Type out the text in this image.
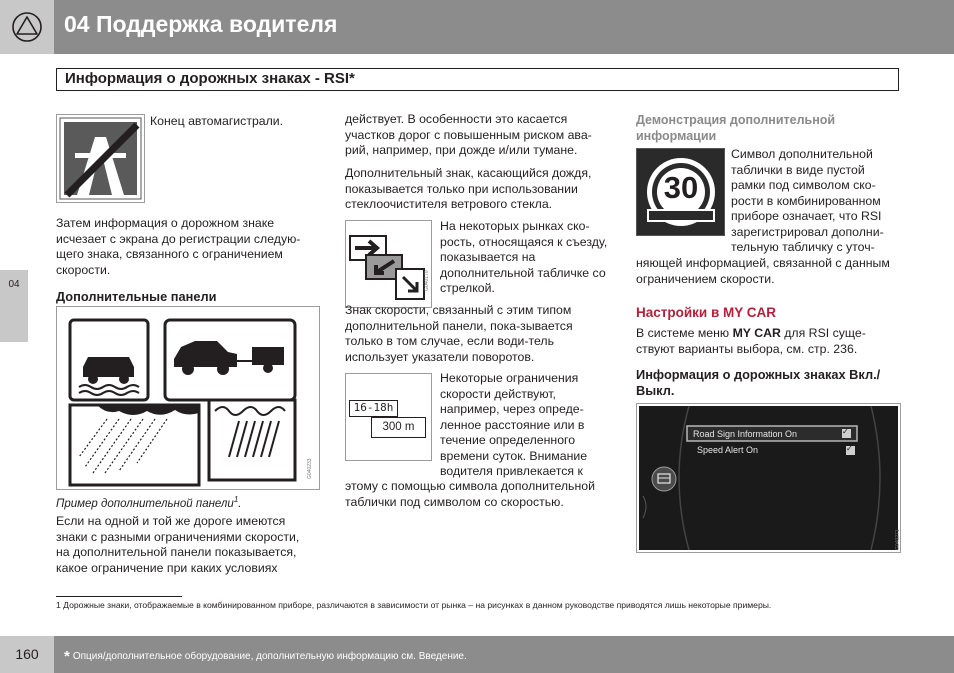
04 Поддержка водителя
Информация о дорожных знаках - RSI*
04
Конец автомагистрали.
Затем информация о дорожном знаке исчезает с экрана до регистрации следую-щего знака, связанного с ограничением скорости.
Дополнительные панели
G040233
Пример дополнительной панели$^1$.
Если на одной и той же дороге имеются знаки с разными ограничениями скорости, на дополнительной панели показывается, какое ограничение при каких условиях
действует. В особенности это касается участков дорог с повышенным риском ава-рий, например, при дожде и/или тумане.
Дополнительный знак, касающийся дождя, показывается только при использовании стеклоочистителя ветрового стекла.
G040170
На некоторых рынках ско-рость, относящаяся к съезду, показывается на дополнительной табличке со стрелкой.
Знак скорости, связанный с этим типом дополнительной панели, пока-зывается только в том случае, если води-тель использует указатели поворотов.
16-18h
300 m
Некоторые ограничения скорости действуют, например, через опреде-ленное расстояние или в течение определенного времени суток. Внимание водителя привлекается к
этому с помощью символа дополнительной таблички под символом со скоростью.
Демонстрация дополнительной информации
30
Символ дополнительной таблички в виде пустой рамки под символом ско-рости в комбинированном приборе означает, что RSI зарегистрировал дополни-тельную табличку с уточ-
няющей информацией, связанной с данным ограничением скорости.
Настройки в MY CAR
В системе меню MY CAR для RSI суще-ствуют варианты выбора, см. стр. 236.
Информация о дорожных знаках Вкл./Выкл.
Road Sign Information On
Speed Alert On
✓
✓
G040271
1 Дорожные знаки, отображаемые в комбинированном приборе, различаются в зависимости от рынка – на рисунках в данном руководстве приводятся лишь некоторые примеры.
160	* Опция/дополнительное оборудование, дополнительную информацию см. Введение.
